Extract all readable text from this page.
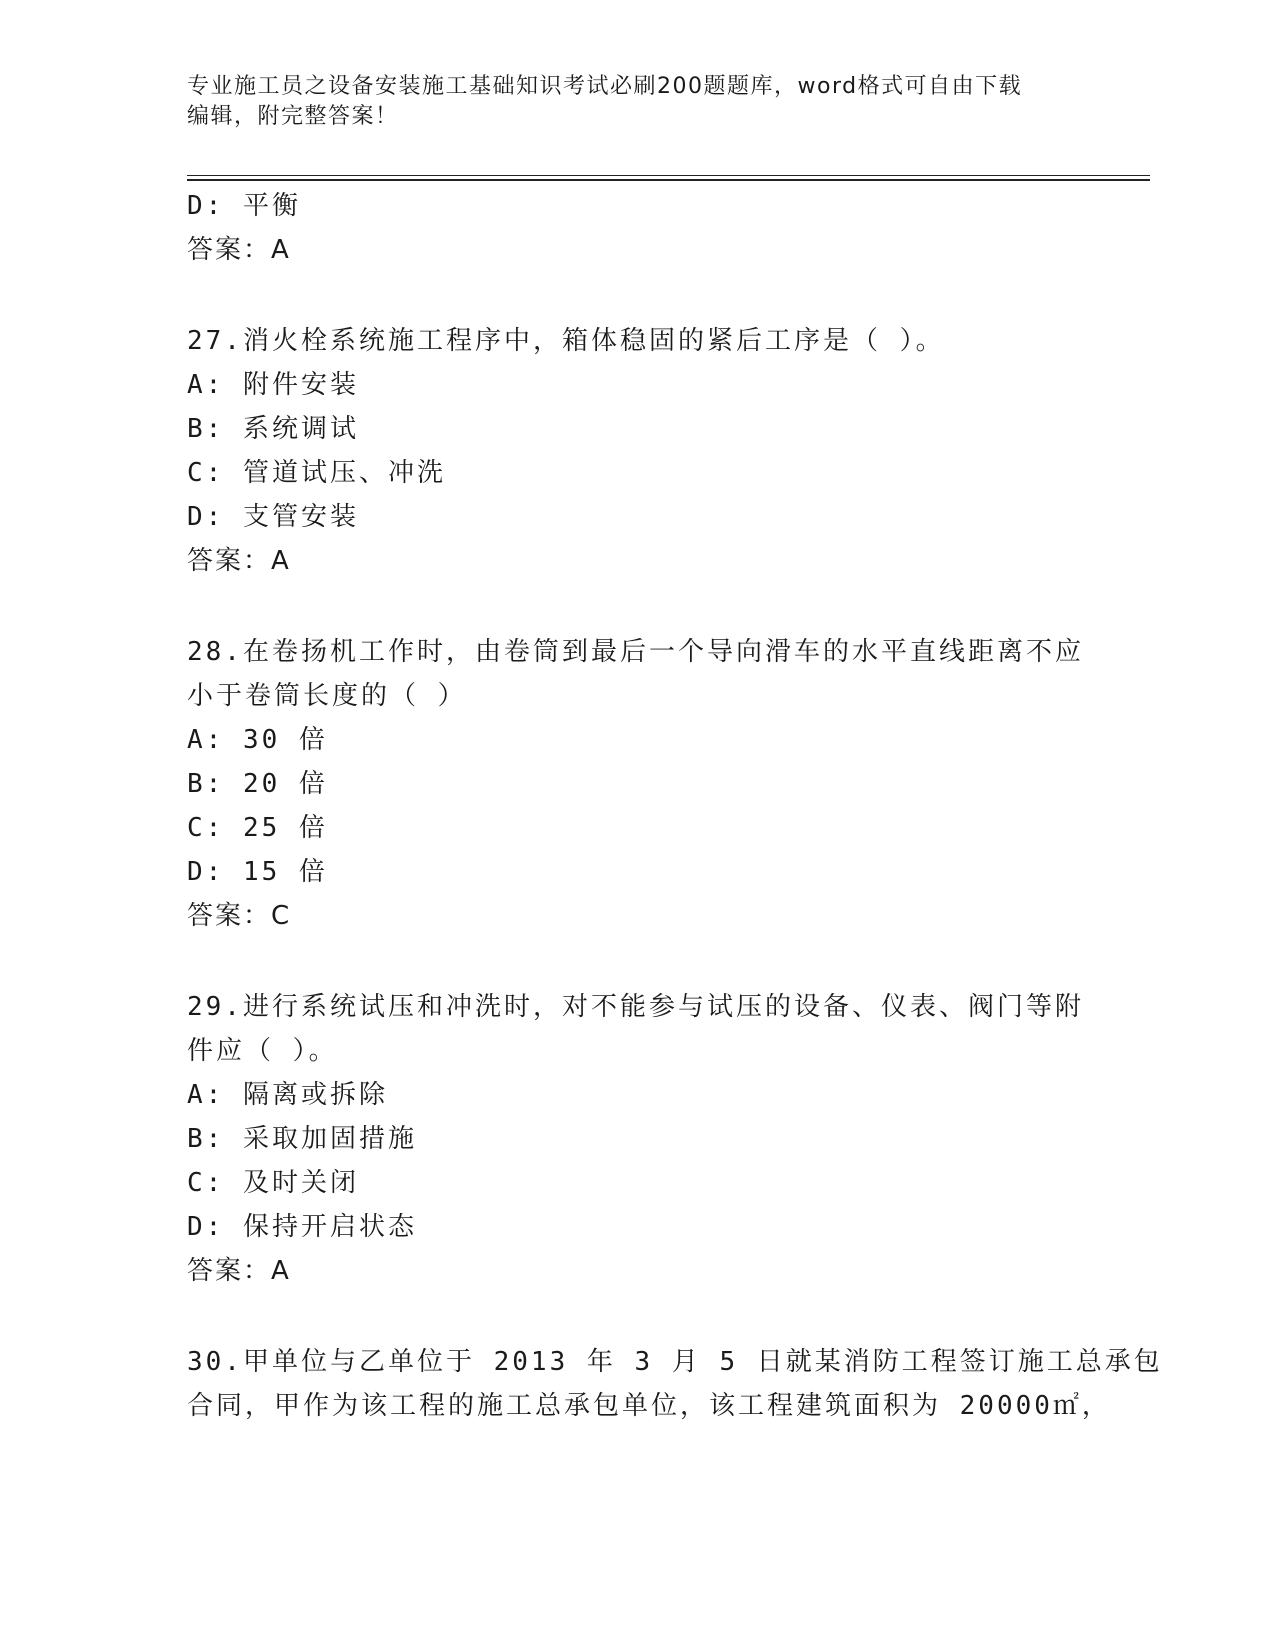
专业施工员之设备安装施工基础知识考试必刷200题题库，word格式可自由下载
编辑，附完整答案！
D: 平衡
答案：A
27.消火栓系统施工程序中，箱体稳固的紧后工序是（ ）。
A: 附件安装
B: 系统调试
C: 管道试压、冲洗
D: 支管安装
答案：A
28.在卷扬机工作时，由卷筒到最后一个导向滑车的水平直线距离不应
小于卷筒长度的（ ）
A: 30 倍
B: 20 倍
C: 25 倍
D: 15 倍
答案：C
29.进行系统试压和冲洗时，对不能参与试压的设备、仪表、阀门等附
件应（ ）。
A: 隔离或拆除
B: 采取加固措施
C: 及时关闭
D: 保持开启状态
答案：A
30.甲单位与乙单位于 2013 年 3 月 5 日就某消防工程签订施工总承包
合同，甲作为该工程的施工总承包单位，该工程建筑面积为 20000㎡，
